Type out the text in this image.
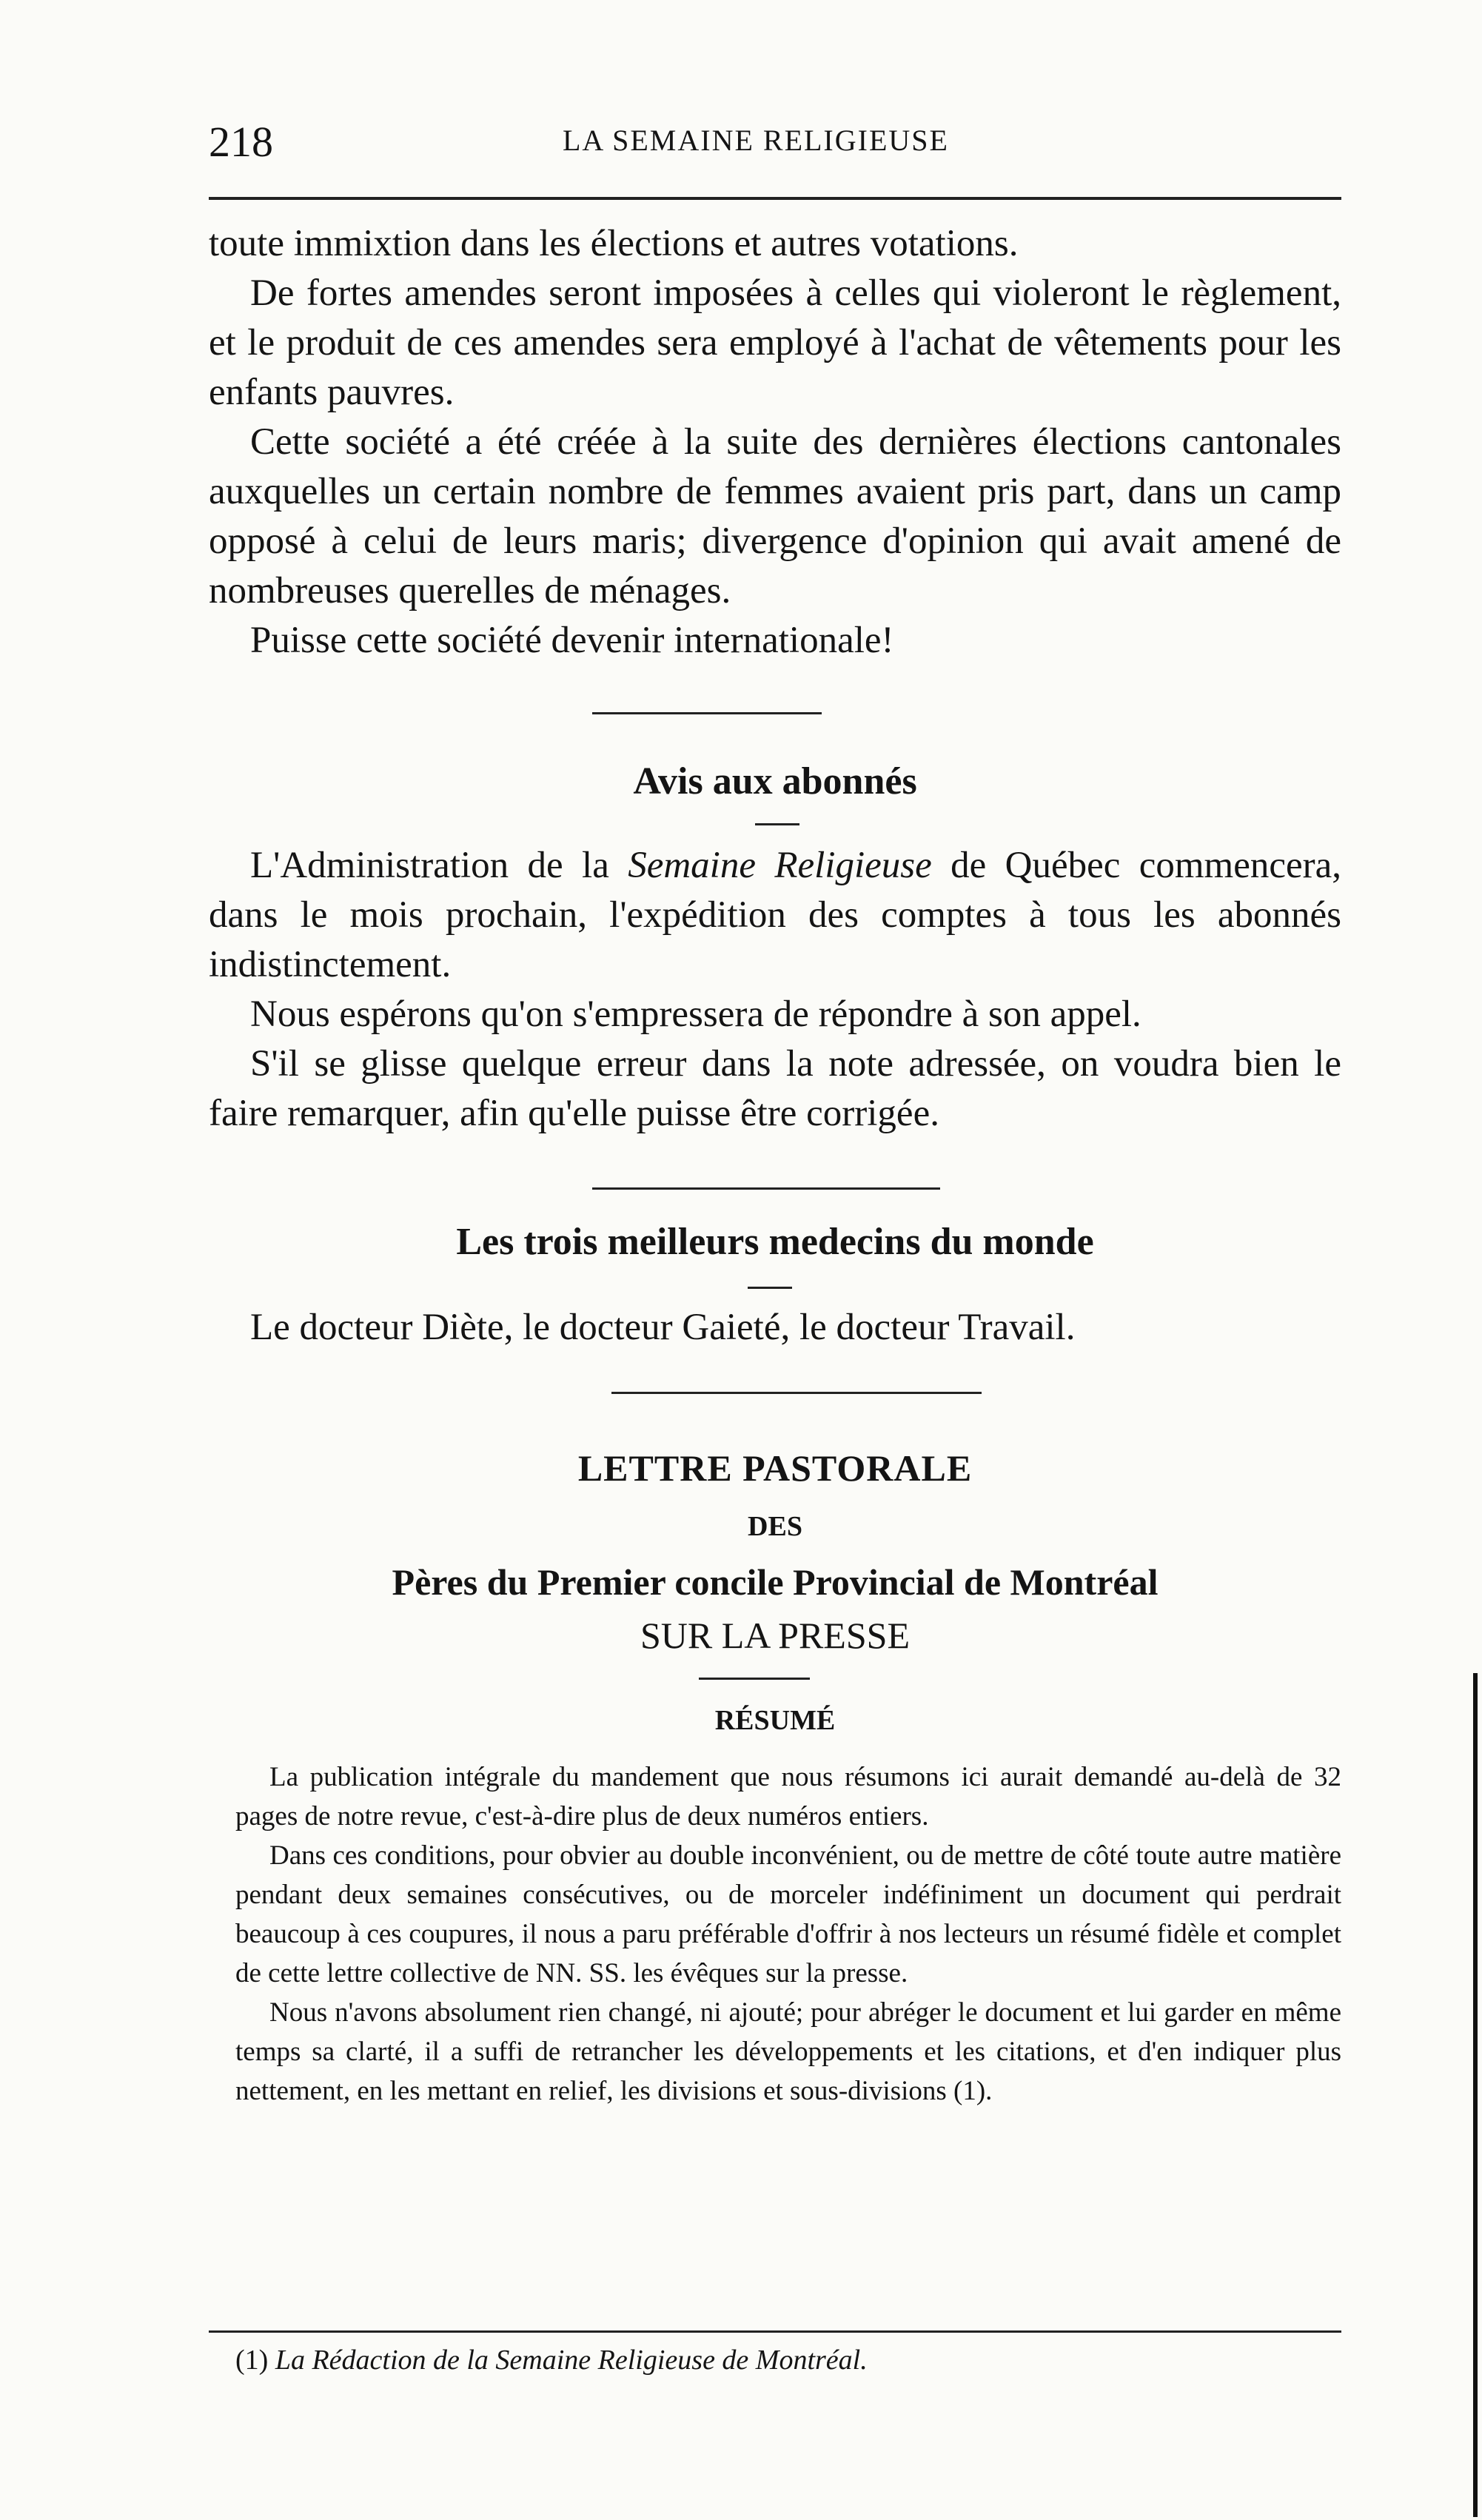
218	LA SEMAINE RELIGIEUSE

toute immixtion dans les élections et autres votations.

De fortes amendes seront imposées à celles qui violeront le règlement, et le produit de ces amendes sera employé à l'achat de vêtements pour les enfants pauvres.

Cette société a été créée à la suite des dernières élections cantonales auxquelles un certain nombre de femmes avaient pris part, dans un camp opposé à celui de leurs maris; divergence d'opinion qui avait amené de nombreuses querelles de ménages.

Puisse cette société devenir internationale!

Avis aux abonnés

L'Administration de la Semaine Religieuse de Québec commencera, dans le mois prochain, l'expédition des comptes à tous les abonnés indistinctement.

Nous espérons qu'on s'empressera de répondre à son appel.

S'il se glisse quelque erreur dans la note adressée, on voudra bien le faire remarquer, afin qu'elle puisse être corrigée.

Les trois meilleurs medecins du monde

Le docteur Diète, le docteur Gaieté, le docteur Travail.

LETTRE PASTORALE
DES
Pères du Premier concile Provincial de Montréal
SUR LA PRESSE
RÉSUMÉ

La publication intégrale du mandement que nous résumons ici aurait demandé au-delà de 32 pages de notre revue, c'est-à-dire plus de deux numéros entiers.

Dans ces conditions, pour obvier au double inconvénient, ou de mettre de côté toute autre matière pendant deux semaines consécutives, ou de morceler indéfiniment un document qui perdrait beaucoup à ces coupures, il nous a paru préférable d'offrir à nos lecteurs un résumé fidèle et complet de cette lettre collective de NN. SS. les évêques sur la presse.

Nous n'avons absolument rien changé, ni ajouté; pour abréger le document et lui garder en même temps sa clarté, il a suffi de retrancher les développements et les citations, et d'en indiquer plus nettement, en les mettant en relief, les divisions et sous-divisions (1).

(1) La Rédaction de la Semaine Religieuse de Montréal.
